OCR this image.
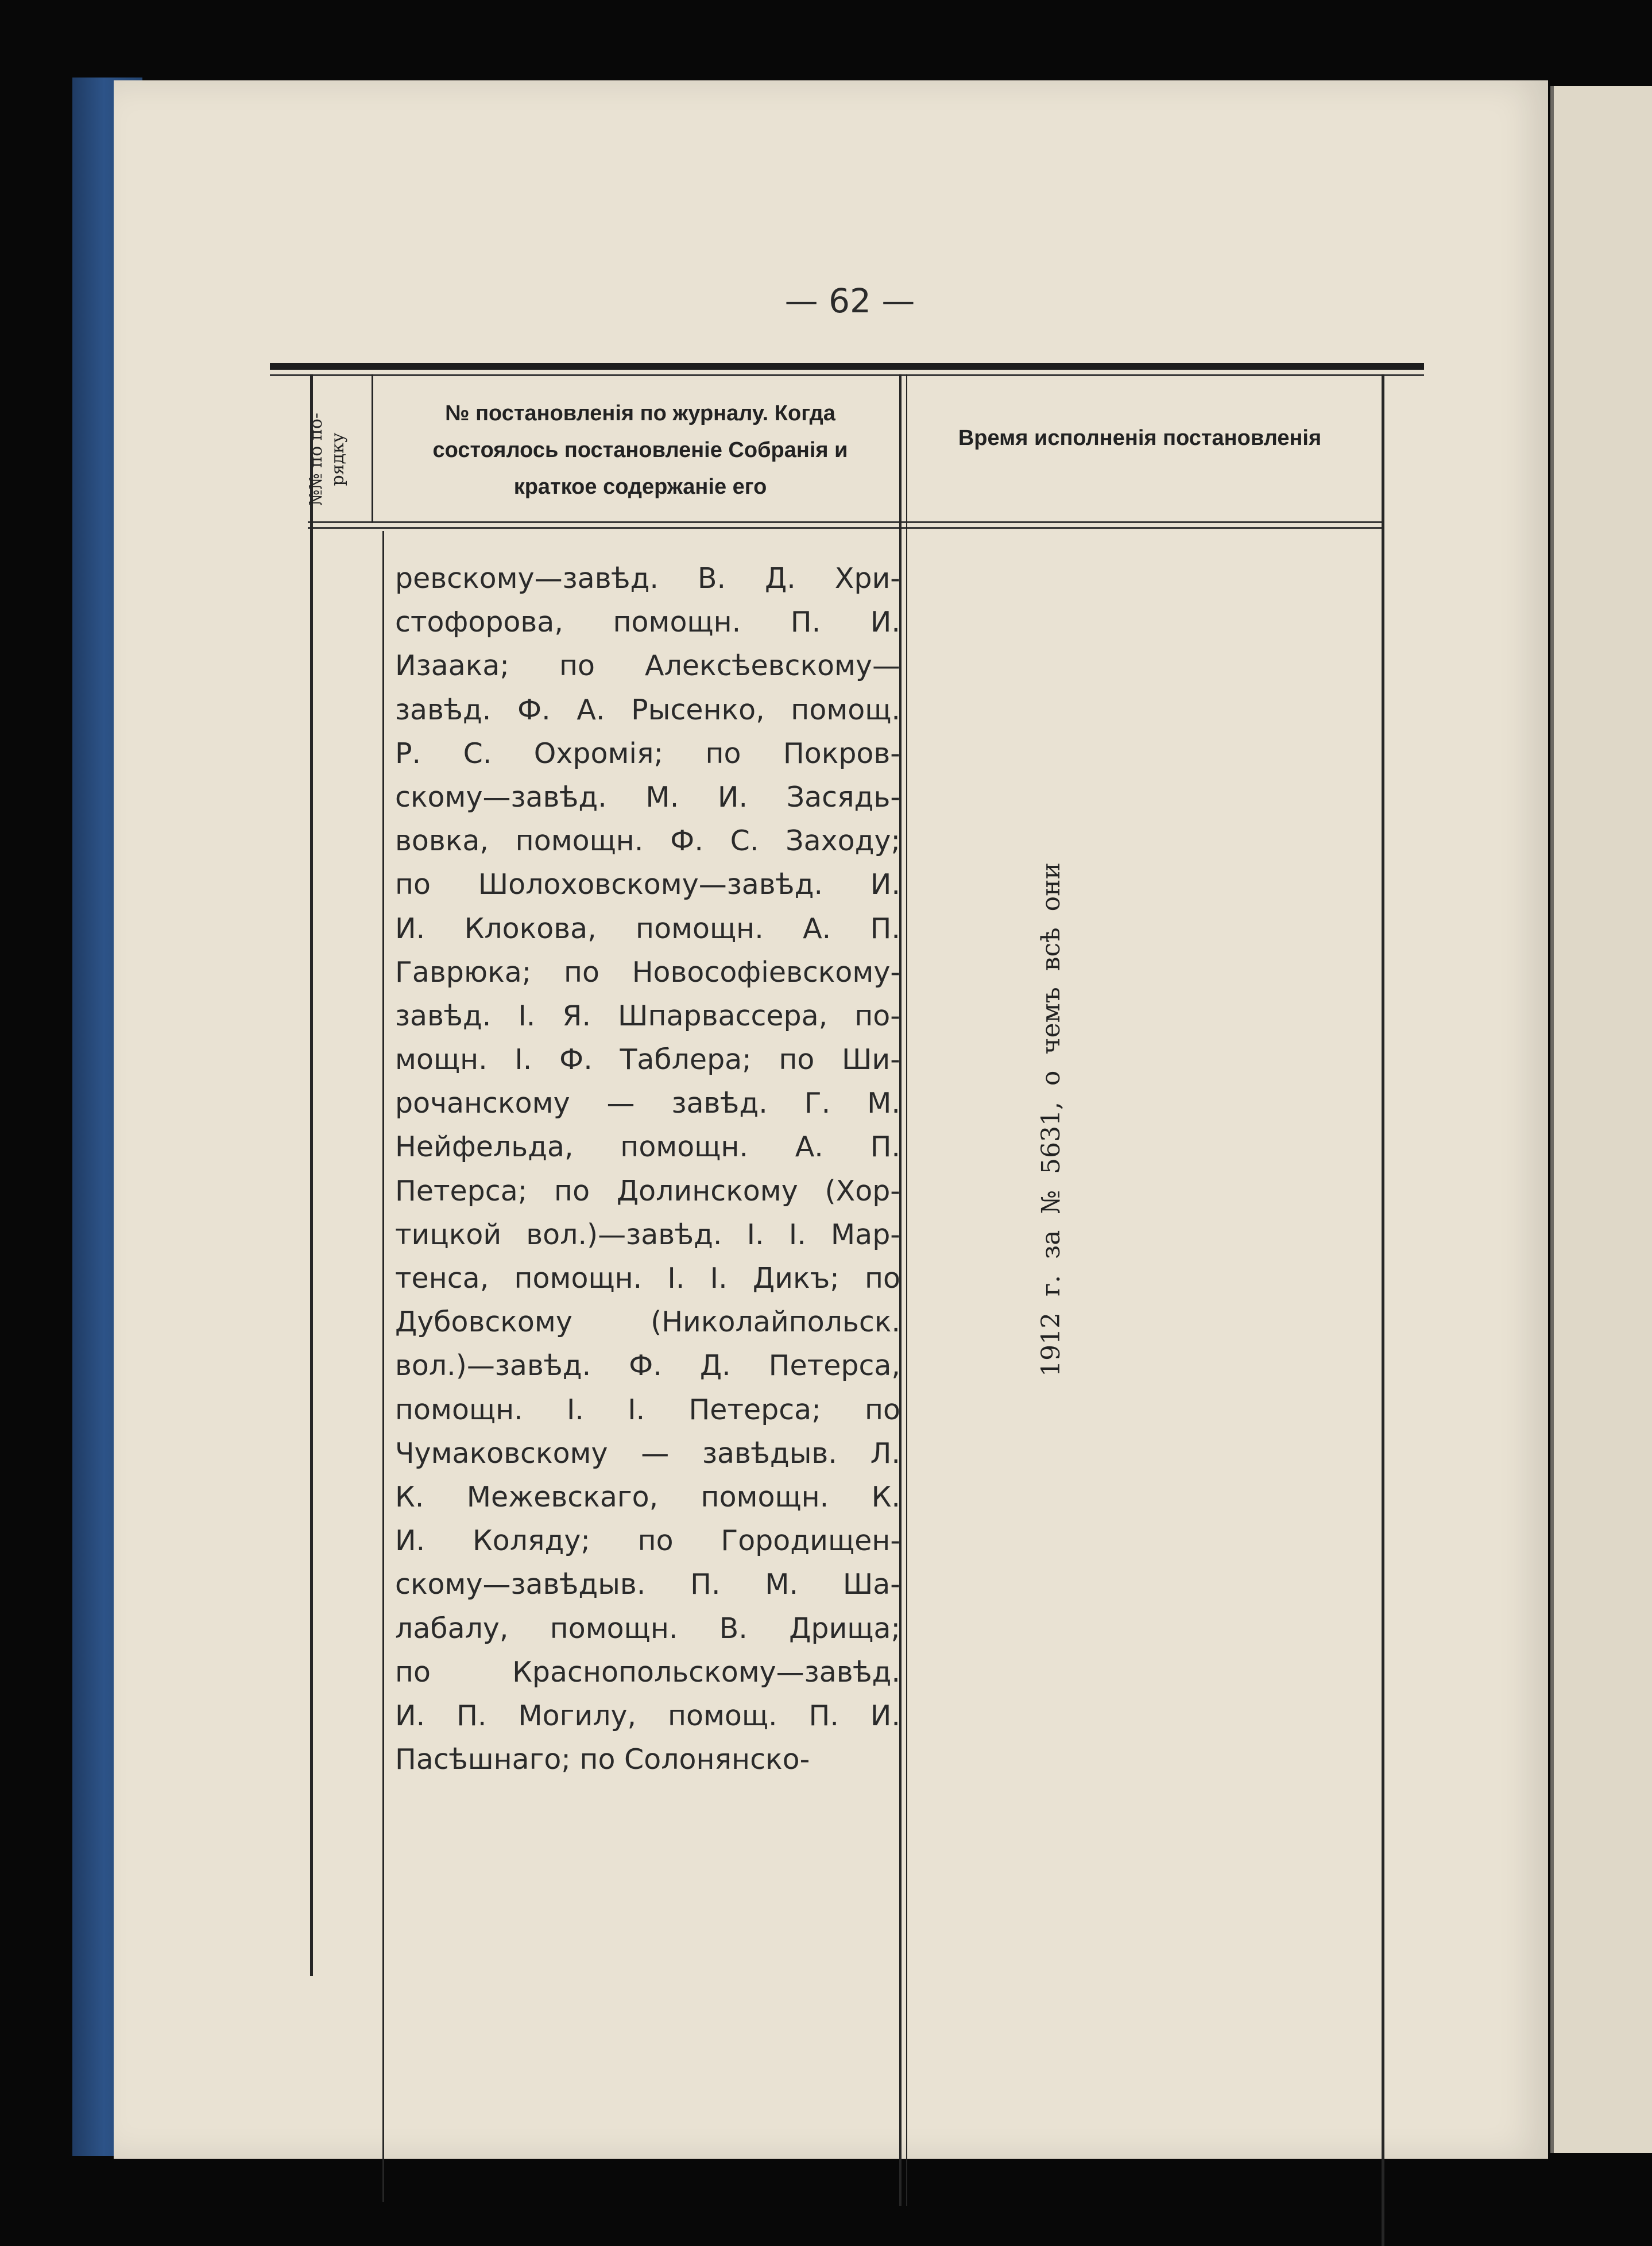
— 62 —
№№ по по- рядку
№ постановленія по журналу. Когда
состоялось постановленіе Собранія и
краткое содержаніе его
Время исполненія постановленія
ревскому—завѣд. В. Д. Хри-
стофорова, помощн. П. И.
Изаака; по Алексѣевскому—
завѣд. Ф. А. Рысенко, помощ.
Р. С. Охромія; по Покров-
скому—завѣд. М. И. Засядь-
вовка, помощн. Ф. С. Заходу;
по Шолоховскому—завѣд. И.
И. Клокова, помощн. А. П.
Гаврюка; по Новософіевскому-
завѣд. І. Я. Шпарвассера, по-
мощн. І. Ф. Таблера; по Ши-
рочанскому — завѣд. Г. М.
Нейфельда, помощн. А. П.
Петерса; по Долинскому (Хор-
тицкой вол.)—завѣд. І. І. Мар-
тенса, помощн. І. І. Дикъ; по
Дубовскому	(Николайпольск.
вол.)—завѣд. Ф. Д. Петерса,
помощн. І. І. Петерса; по
Чумаковскому — завѣдыв. Л.
К. Межевскаго, помощн. К.
И. Коляду; по Городищен-
скому—завѣдыв. П. М. Ша-
лабалу, помощн. В. Дрища;
по	Краснопольскому—завѣд.
И. П. Могилу, помощ. П. И.
Пасѣшнаго; по Солонянско-
1912 г. за № 5631, о чемъ всѣ они
